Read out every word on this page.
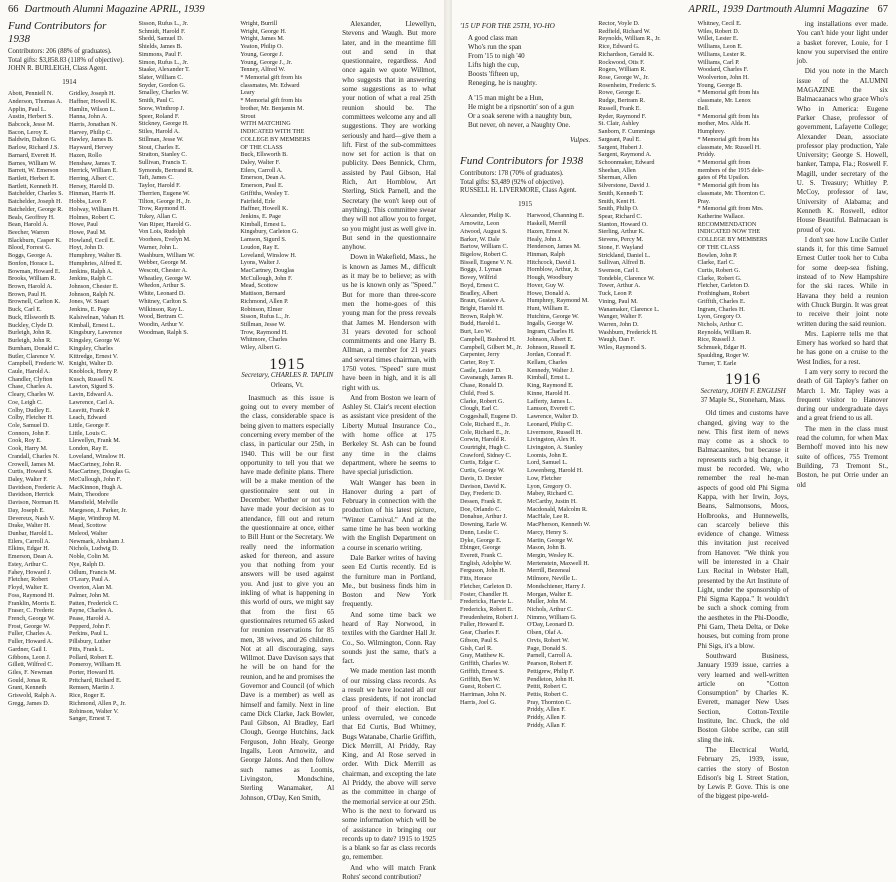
66 Dartmouth Alumni Magazine APRIL, 1939
Fund Contributors for 1938
Contributors: 206 (88% of graduates).
Total gifts: $3,858.83 (118% of objective).
JOHN R. BURLEIGH, Class Agent.
1914
Abott, Penniell N.
Anderson, Thomas A.
Applin, Paul L.
Austin, Herbert S.
Babcock, Jesse M.
Bacon, Leroy E.
Baldwin, Dalton G.
Barlow, Richard J.S.
Barnard, Everett H.
Barnes, William W.
Barrett, W. Emerson
Bartlett, Herbert E.
Bartlett, Kenneth H.
Batchelder, Charles S.
Batchelder, Joseph H.
Batchelder, George R.
Beals, Geoffrey H.
Bean, Harold A.
Beecher, Warren
Blackburn, Casper K.
Blood, Forrest G.
Boggs, George A.
Bonfon, Horace L.
Bowman, Howard E.
Brooks, William R.
Brown, Harold A.
Brown, Paul H.
Brownell, Carlton K.
Buck, Carl E.
Buck, Ellsworth B.
Buckley, Clyde D.
Burleigh, John R.
Burleigh, John R.
Burnham, Donald C.
Butler, Clarence V.
Campbell, Frederic W.
Caule, Harold A.
Chandler, Clyfton
Chase, Charles A.
Cleary, Charles W.
Coe, Leigh C.
Colby, Dudley E.
Colby, Fletcher H.
Cole, Samuel D.
Connors, John F.
Cook, Roy E.
Cook, Harry M.
Crandall, Charles N.
Crowell, James M.
Curtis, Howard S.
Daley, Walter F.
Davidson, Frederic A.
Davidson, Herrick
Davison, Norman H.
Day, Joseph E.
Devereux, Nash V.
Drake, Walter H.
Dunbar, Harold L.
Eilers, Carroll A.
Elkins, Edgar H.
Emerson, Dean A.
Estey, Arthur C.
Fahey, Howard J.
Fletcher, Robert
Floyd, Walter E.
Foss, Raymond H.
Franklin, Morris E.
Fraser, C. Frederic
French, George W.
Frost, George W.
Fuller, Charles A.
Fuller, Howard A.
Gardner, Gail I.
Gibbons, Leon J.
Gillett, Wilfred C.
Giles, F. Newman
Gould, Jonas R.
Grant, Kenneth
Griswold, Ralph A.
Gregg, James D.
Gridley, Joseph H.
Haffner, Howell K.
Hamlin, Wilson L.
Hanna, John A.
Harris, Jonathan N.
Harvey, Philip C.
Hawley, James B.
Hayward, Hervey
Hazen, Rollo
Henshaw, James T.
Herrick, William E.
Herring, Albert C.
Hersey, Harold D.
Hinman, Harris H.
Hobbs, Leon P.
Holway, William H.
Holmes, Robert C.
Howe, Paul
Howe, Paul M.
Howland, Cecil E.
Hoyt, John D.
Humphrey, Walter B.
Humphries, Alfred E.
Jenkins, Ralph A.
Jenkins, Ralph C.
Johnson, Chester E.
Johnson, Ralph N.
Jones, W. Stuart
Jenkins, E. Page
Kalsivelnan, Vahan H.
Kimball, Ernest L.
Kingsbury, Lawrence
Kingsley, George W.
Kingsley, Charles
Kittredge, Ernest V.
Knight, Walter D.
Knoblock, Henry P.
Kusch, Russell N.
Lawton, Sigurd S.
Lavin, Edward A.
Lawrence, Carl A.
Leavitt, Frank P.
Leach, Edward
Little, George F.
Little, Louis C.
Llewellyn, Frank M.
London, Ray E.
Loveland, Winslow H.
MacCartney, John R.
MacCartney, Douglas G.
McCullough, John F.
MacKinnon, Hugh A.
Main, Theodore
Mansfield, Melville
Margeson, J. Parker, Jr.
Mapie, Winthrop M.
Mead, Scottow
Meleod, Walter
Newmark, Abraham J.
Nichols, Ludwig D.
Noble, Colin M.
Nye, Ralph D.
Odlum, Francis M.
O'Leary, Paul A.
Overton, Alan M.
Palmer, John M.
Patten, Frederick C.
Payne, Charles A.
Pease, Harold A.
Pepperd, John F.
Perkins, Paul L.
Pillsbury, Luther
Pitts, Frank L.
Pollard, Robert E.
Pomeroy, William H.
Porter, Howard H.
Pritchard, Richard E.
Remsen, Martin J.
Rice, Roger E.
Richmond, Allen P., Jr.
Robinson, Walter V.
Sanger, Ernest T.
Sisson, Rufus L., Jr.
Schmidt, Harold F.
Shedd, Samuel D.
Shields, James B.
Simmons, Paul F.
Simon, Rufus L., Jr.
Staake, Alexander T.
Slater, William C.
Snyder, Gordon G.
Smalley, Charles W.
Smith, Paul C.
Snow, Winthrop J.
Speer, Roland F.
Stickney, George H.
Stiles, Harold A.
Stillman, Jesse W.
Stout, Charles E.
Stratton, Stanley C.
Sullivan, Francis T.
Symonds, Bertrand R.
Taft, James C.
Taylor, Harold F.
Therrien, Eugene W.
Tilton, George H., Jr.
Trow, Raymond H.
Tukey, Allan C.
Van Riper, Harold G.
Von Lois, Rudolph
Voorhees, Evelyn M.
Warner, John L.
Washburn, William W.
Webber, George M.
Wescott, Chester A.
Wheatley, George W.
Whedon, Arthur S.
White, Leonard D.
Whitney, Carlton S.
Wilkinson, Ray L.
Wood, Bertram C.
Woodin, Arthur V.
Woodman, Ralph S.
Wright, Burrill
Wright, George H.
Wright, James M.
Yeaton, Philip O.
Young, George J.
Young, George J., Jr.
Tenney, Alfred W.
* Memorial gift from his
classmates, Mr. Edward
Leary
* Memorial gift from his
brother, Mr. Benjamin M.
Strout
WITH MATCHING
INDICATED WITH THE
COLLEGE BY MEMBERS
OF THE CLASS
Buck, Ellsworth B.
Daley, Walter F.
Eilers, Carroll A.
Emerson, Dean A.
Emerson, Paul E.
Griffiths, Wesley T.
Fairfield, Erle
Haffner, Howell K.
Jenkins, E. Page
Kimball, Ernest L.
Kingsbury, Carleton G.
Lamson, Sigurd S.
Loudon, Ray E.
Loveland, Winslow H.
Lyons, Walter J.
MacCartney, Douglas
McCullough, John F.
Mead, Scottow
Mattison, Bernard
Richmond, Allen P.
Robinson, Elmer
Sisson, Rufus L., Jr.
Stillman, Jesse W.
Trow, Raymond H.
Whitmore, Charles
Wiley, Albert G.
1915
Secretary, CHARLES R. TAPLIN
Orleans, Vt.

Inasmuch as this issue is going out to every member of the class, considerable space is being given to matters especially concerning every member of the class, in particular our 25th, in 1940. This will be our first opportunity to tell you that we have made definite plans. There will be a make mention of the questionnaire sent out in December. Whether or not you have made your decision as to attendance, fill out and return the questionnaire at once, either to Bill Hunt or the Secretary. We really need the information asked for thereon, and assure you that nothing from your answers will be used against you. And just to give you an inkling of what is happening in this world of ours, we might say that from the first 65 questionnaires returned 65 asked for reunion reservations for 85 men, 38 wives, and 26 children. Not at all discouraging, says Willmot. Dave Davison says that he will be on hand for the reunion, and he and promises the Governor and Council (of which Dave is a member) as well as himself and family. Next in line came Dick Clarke, Jack Bowler, Paul Gibson, Al Bradley, Earl Clough, George Hutchins, Jack Ferguson, John Healy, George Ingalls, Leon Arnowitz, and George Jalons. And then follow such names as Loomis, Livingston, Mondschine, Sterling Wanamaker, Al Johnson, O'Day, Ken Smith,

Alexander, Llewellyn, Stevens and Waugh. But more later, and in the meantime fill out and send in that questionnaire, regardless. And once again we quote Willmot, who suggests that in answering some suggestions as to what your notion of what a real 25th reunion should be. The committees welcome any and all suggestions. They are working seriously and hard—give them a lift. First of the sub-committees now set for action is that on publicity. Dees Bennick, Chrm, assisted by Paul Gibson, Hal Rich, Art Hornblow, Art Sterling, Stick Parnell, and the Secretary (he won't keep out of anything). This committee swear they will not allow you to forget, so you might just as well give in. But send in the questionnaire anyhow.

Down in Wakefield, Mass., he is known as James M., difficult as it may be to believe; as with us he is known only as "Speed." But for more than three-score men the home-goes of this young man for the press reveals that James M. Henderson with 31 years devoted for school commitments and one Harry B. Allman, a member for 21 years and several times chairman, with 1750 votes. "Speed" sure must have been in high, and it is all right with us.

And from Boston we learn of Ashley St. Clair's recent election as assistant vice president of the Liberty Mutual Insurance Co., with home office at 175 Berkeley St. Ash can be found any time in the claims department, where he seems to have special jurisdiction.

Walt Wanger has been in Hanover during a part of February in connection with the production of his latest picture, "Winter Carnival." And at the same time he has been working with the English Department on a course in scenario writing.

Dale Barker writes of having seen Ed Curtis recently. Ed is the furniture man in Portland, Me., but business finds him in Boston and New York frequently.

And some time back we heard of Ray Norwood, in textiles with the Gardner Hall Jr. Co., So. Wilmington, Conn. Ray sounds just the same, that's a fact.

We made mention last month of our missing class records. As a result we have located all our class presidents, if not ironclad proof of their election. But unless overruled, we concede that Ed Curtis, Bud Whitney, Bugs Watanabe, Charlie Griffith, Dick Merrill, Al Priddy, Ray King, and Al Rose served in order. With Dick Merrill as chairman, and excepting the late Al Priddy, the above will serve as the committee in charge of the memorial service at our 25th. Who is the next to forward us some information which will be of assistance in bringing our records up to date? 1915 to 1925 is a blank so far as class records go, remember.

And who will match Frank Rohrs' second contribution?

APRIL, 1939 Dartmouth Alumni Magazine 67
'15 UP FOR THE 25TH, YO-HO

A good class man

Who's run the span

From '15 to nigh '40

Lifts high the cup,

Boosts 'fifteen up,

Reneging, he is naughty.

A '15 man might be a Hun,

He might be a ripsnortin' son of a gun

Or a soak serene with a naughty bun,

But never, oh never, a Naughty One.

Vulpes.

Fund Contributors for 1938
Contributors: 178 (70% of graduates).
Total gifts: $3,489 (92% of objective).
RUSSELL H. LIVERMORE, Class Agent.
1915
Alexander, Philip K.
Arnowitz, Leon
Atwood, August S.
Barker, W. Dale
Bartow, William C.
Bigelow, Robert C.
Bissell, Eugene V. N.
Boggs, J. Lyman
Bovey, Wilfrid
Boyd, Ernest C.
Bradley, Albert
Braun, Gustave A.
Bright, Harold H.
Brown, Ralph W.
Budd, Harold L.
Burt, Leo W.
Campbell, Bushrod H.
Campbell, Gilbert M., Jr.
Carpenter, Jerry
Carter, Roy T.
Castle, Lester D.
Cavanaugh, James R.
Chase, Ronald D.
Child, Fred S.
Clarke, Robert G.
Clough, Earl C.
Coggeshall, Eugene D.
Cole, Richard E., Jr.
Cole, Richard E., Jr.
Corwin, Harold R.
Courtright, Hugh C.
Crawford, Sidney C.
Curtis, Edgar C.
Curtis, George W.
Davis, D. Dexter
Davison, David K.
Day, Frederic D.
Dessen, Frank E.
Doe, Orlando C.
Donahue, Arthur J.
Downing, Earle W.
Dunn, Leslie C.
Dyke, George E.
Ebinger, George
Everett, Frank C.
English, Adolphe W.
Ferguson, John H.
Fitts, Horace
Fletcher, Carleton D.
Foster, Chandler H.
Fredericks, Harvie L.
Fredericks, Robert E.
Freudenheim, Robert J.
Fuller, Howard E.
Gear, Charles F.
Gibson, Paul S.
Gish, Carl R.
Gray, Matthew K.
Griffith, Charles W.
Griffith, Ernest S.
Griffith, Ben W.
Guest, Robert C.
Harriman, John N.
Harris, Joel G.
Harwood, Channing E.
Haskell, Merrill
Hazen, Ernest N.
Healy, John J.
Henderson, James M.
Hinman, Ralph
Hitchcock, David I.
Hornblow, Arthur, Jr.
Hough, Woodbury
Hover, Guy W.
Howe, Donald A.
Humphrey, Raymond M.
Hunt, William E.
Hutchins, George W.
Ingalls, George W.
Ingram, Charles H.
Johnson, Albert E.
Johnson, Russell E.
Jordan, Conrad F.
Kellam, Charles
Kennedy, Walter J.
Kimball, Ernst L.
King, Raymond E.
Kinne, Harold H.
Lafferty, James L.
Lamson, Everett C.
Lawrence, Walter D.
Leonard, Philip C.
Livermore, Russell H.
Livingston, Alex H.
Livingston, A. Stanley
Loomis, John E.
Lord, Samuel L.
Lowenberg, Harold H.
Low, Fletcher
Lyon, Gregory O.
Mabey, Richard C.
McCarthy, Justin H.
Macdonald, Malcolm R.
MacHale, Lee R.
MacPherson, Kenneth W.
Marcy, Henry S.
Martin, George W.
Mason, John B.
Mergin, Wesley K.
Mertenstein, Maxwell H.
Merrill, Bezeneal
Milmore, Neville L.
Mondschiener, Harry J.
Morgan, Walter E.
Muller, John M.
Nichols, Arthur C.
Nimmo, William G.
O'Day, Leonard D.
Olsen, Olaf A.
Orvis, Robert W.
Page, Donald S.
Parnell, Carroll A.
Pearson, Robert F.
Pettigrew, Philip F.
Pendleton, John H.
Pettit, Robert C.
Pettis, Robert C.
Pray, Thornton C.
Priddy, Allen F.
Priddy, Allen F.
Priddy, Allan F.
Rector, Voyle D.
Redfield, Richard W.
Reynolds, William R., Jr.
Rice, Edward G.
Richardson, Gerald K.
Rockwood, Otis F.
Rogers, William R.
Rose, George W., Jr.
Rosenheim, Frederic S.
Rowe, George E.
Rudge, Bertram R.
Russell, Frank E.
Ryder, Raymond F.
St. Clair, Ashley
Sanborn, F. Cummings
Sargeant, Paul E.
Sargent, Hubert J.
Sargent, Raymond A.
Schoonmaker, Edward
Sheehan, Allen
Sherman, Allen
Silverstone, David J.
Smith, Kenneth T.
Smith, Kent H.
Smith, Philip O.
Spear, Richard C.
Stanton, Howard O.
Sterling, Arthur K.
Stevens, Percy M.
Stone, F. Wayland
Strickland, Daniel L.
Sullivan, Alfred B.
Swenson, Carl I.
Tondeble, Clarence W.
Tower, Arthur A.
Tuck, Leon P.
Vining, Paul M.
Wanamaker, Clarence L.
Wanger, Walter F.
Warren, John D.
Washburn, Frederick H.
Waugh, Dan F.
Wiles, Raymond S.
Whitney, Cecil E.
Wiles, Robert D.
Willet, Lester E.
Williams, Leon E.
Williams, Lester R.
Williams, Carl P.
Woodard, Charles F.
Woolverton, John H.
Young, George B.
* Memorial gift from his
classmate, Mr. Lenox
Bell.
* Memorial gift from his
mother, Mrs. Alda H.
Humphrey.
* Memorial gift from his
classmate, Mr. Russell H.
Priddy.
* Memorial gift from
members of the 1915 dele-
gates of Phi Upsilon.
* Memorial gift from his
classmate, Mr. Thornton C.
Pray.
* Memorial gift from Mrs.
Katherine Wallace.
RECOMMENDATION
INDICATED NOW THE
COLLEGE BY MEMBERS
OF THE CLASS
Bowlen, John P.
Clarke, Earl C.
Curtis, Robert G.
Clarke, Robert G.
Fletcher, Carleton D.
Frothingham, Robert
Griffith, Charles E.
Ingram, Charles H.
Lyon, Gregory O.
Nichols, Arthur C.
Reynolds, William R.
Rice, Russell J.
Schmuek, Edgar H.
Spaulding, Roger W.
Turner, T. Earle
1916
Secretary, JOHN F. ENGLISH
37 Maple St., Stoneham, Mass.

Old times and customs have changed, giving way to the new. This first item of news may come as a shock to Balmacaanites, but because it represents such a big change, it must be recorded. We, who remember the real he-man aspects of good old Phi Sigma Kappa, with her Irwin, Joys, Beans, Salmonsons, Moos, Holbrooks, and Hunnewells, can scarcely believe this evidence of change. Witness this invitation just received from Hanover. "We think you will be interested in a Chair Lux Recital in Webster Hall, presented by the Art Institute of Light, under the sponsorship of Phi Sigma Kappa." It wouldn't be such a shock coming from the aesthetes in the Phi-Doodle, Phi Gam, Theta Delta, or Deke houses, but coming from prone Phi Sigs, it's a blow.

Southward Business, January 1939 issue, carries a very learned and well-written article on "Cotton Consumption" by Charles K. Everett, manager New Uses Section, Cotton-Textile Institute, Inc. Chuck, the old Boston Globe scribe, can still sling the ink.

The Electrical World, February 25, 1939, issue, carries the story of Boston Edison's big L Street Station, by Lewis P. Gove. This is one of the biggest pipe-weld-

ing installations ever made. You can't hide your light under a basket forever, Louie, for I know you supervised the entire job.

Did you note in the March issue of the ALUMNI MAGAZINE the six Balmacaanacs who grace Who's Who in America: Eugene Parker Chase, professor of government, Lafayette College; Alexander Dean, associate professor play production, Yale University; George S. Howell, banker, Tampa, Fla.; Roswell F. Magill, under secretary of the U. S. Treasury; Whitley P. McCoy, professor of law, University of Alabama; and Kenneth K. Roswell, editor House Beautiful. Balmacaan is proud of you.

I don't see how Lucile Cutler stands it, for this time Samuel Ernest Cutler took her to Cuba for some deep-sea fishing, instead of to New Hampshire for the ski races. While in Havana they held a reunion with Chuck Burgin. It was great to receive their joint note written during the said reunion.

Mrs. Lapierre tells me that Emery has worked so hard that he has gone on a cruise to the West Indies, for a rest.

I am very sorry to record the death of Gil Tapley's father on March 1. Mr. Tapley was a frequent visitor to Hanover during our undergraduate days and a great friend to us all.

The men in the class must read the column, for when Max Bernhoff moved into his new suite of offices, 755 Tremont Building, 73 Tremont St., Boston, he put Orrie under an old
